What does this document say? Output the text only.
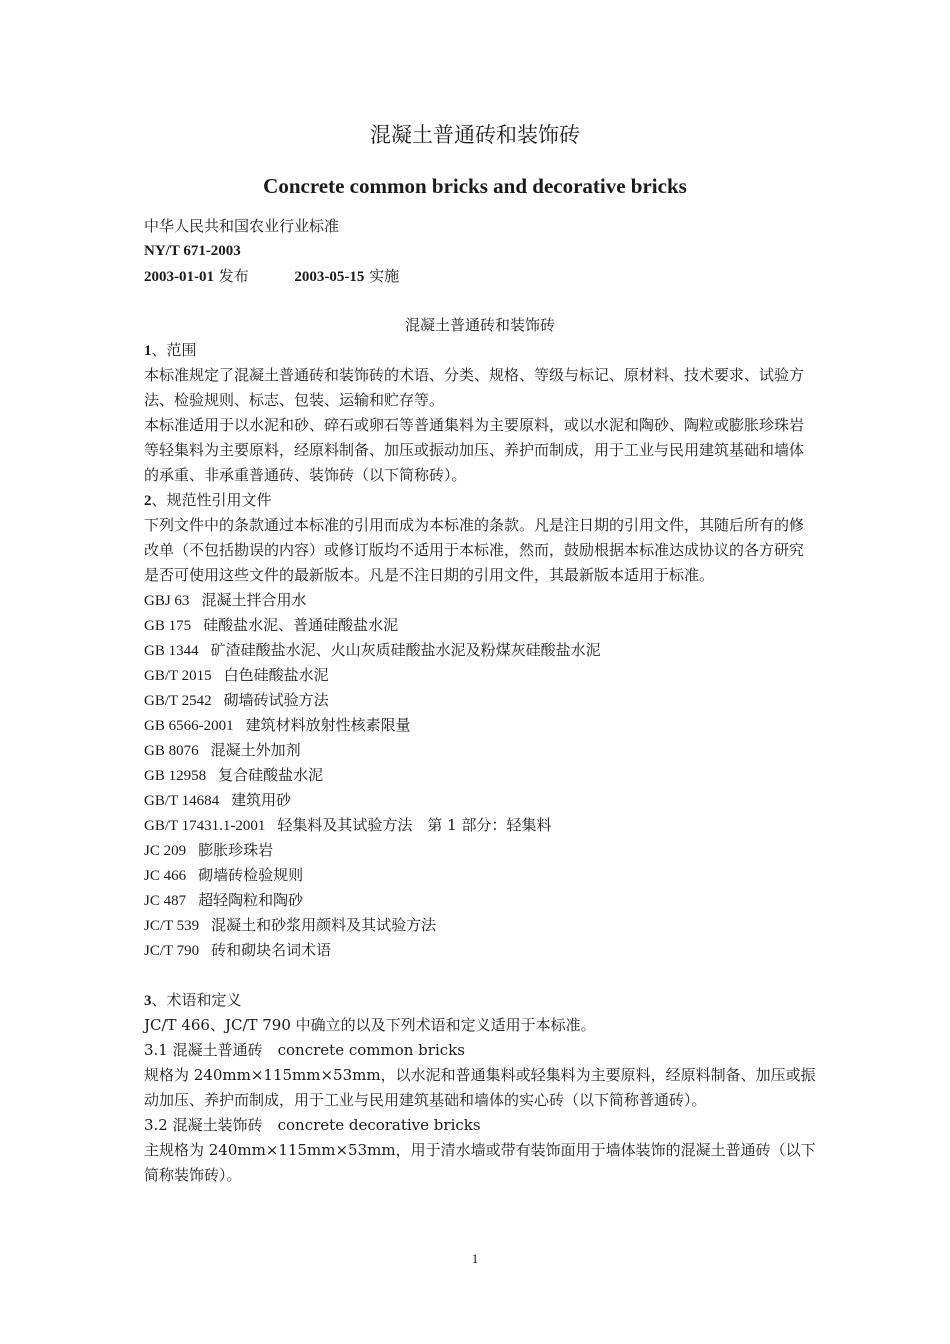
混凝土普通砖和装饰砖
Concrete common bricks and decorative bricks
中华人民共和国农业行业标准
NY/T 671-2003
2003-01-01 发布	2003-05-15 实施
混凝土普通砖和装饰砖
1、范围
本标准规定了混凝土普通砖和装饰砖的术语、分类、规格、等级与标记、原材料、技术要求、试验方法、检验规则、标志、包装、运输和贮存等。
本标准适用于以水泥和砂、碎石或卵石等普通集料为主要原料，或以水泥和陶砂、陶粒或膨胀珍珠岩等轻集料为主要原料，经原料制备、加压或振动加压、养护而制成，用于工业与民用建筑基础和墙体的承重、非承重普通砖、装饰砖（以下简称砖）。
2、规范性引用文件
下列文件中的条款通过本标准的引用而成为本标准的条款。凡是注日期的引用文件，其随后所有的修改单（不包括勘误的内容）或修订版均不适用于本标准，然而，鼓励根据本标准达成协议的各方研究是否可使用这些文件的最新版本。凡是不注日期的引用文件，其最新版本适用于标准。
GBJ 63 混凝土拌合用水
GB 175 硅酸盐水泥、普通硅酸盐水泥
GB 1344 矿渣硅酸盐水泥、火山灰质硅酸盐水泥及粉煤灰硅酸盐水泥
GB/T 2015 白色硅酸盐水泥
GB/T 2542 砌墙砖试验方法
GB 6566-2001 建筑材料放射性核素限量
GB 8076 混凝土外加剂
GB 12958 复合硅酸盐水泥
GB/T 14684 建筑用砂
GB/T 17431.1-2001 轻集料及其试验方法　第 1 部分：轻集料
JC 209 膨胀珍珠岩
JC 466 砌墙砖检验规则
JC 487 超轻陶粒和陶砂
JC/T 539 混凝土和砂浆用颜料及其试验方法
JC/T 790 砖和砌块名词术语
3、术语和定义
JC/T 466、JC/T 790 中确立的以及下列术语和定义适用于本标准。
3.1 混凝土普通砖　concrete common bricks
规格为 240mm×115mm×53mm，以水泥和普通集料或轻集料为主要原料，经原料制备、加压或振动加压、养护而制成，用于工业与民用建筑基础和墙体的实心砖（以下简称普通砖）。
3.2 混凝土装饰砖　concrete decorative bricks
主规格为 240mm×115mm×53mm，用于清水墙或带有装饰面用于墙体装饰的混凝土普通砖（以下简称装饰砖）。
1
